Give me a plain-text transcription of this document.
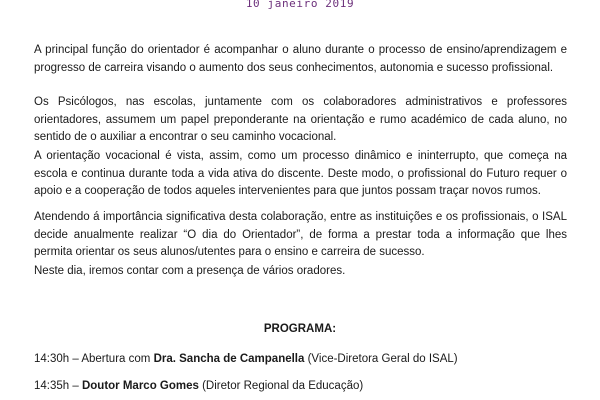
10 janeiro 2019

A principal função do orientador é acompanhar o aluno durante o processo de ensino/aprendizagem e progresso de carreira visando o aumento dos seus conhecimentos, autonomia e sucesso profissional.

Os Psicólogos, nas escolas, juntamente com os colaboradores administrativos e professores orientadores, assumem um papel preponderante na orientação e rumo académico de cada aluno, no sentido de o auxiliar a encontrar o seu caminho vocacional.

A orientação vocacional é vista, assim, como um processo dinâmico e ininterrupto, que começa na escola e continua durante toda a vida ativa do discente. Deste modo, o profissional do Futuro requer o apoio e a cooperação de todos aqueles intervenientes para que juntos possam traçar novos rumos.

Atendendo á importância significativa desta colaboração, entre as instituições e os profissionais, o ISAL decide anualmente realizar “O dia do Orientador”, de forma a prestar toda a informação que lhes permita orientar os seus alunos/utentes para o ensino e carreira de sucesso.

Neste dia, iremos contar com a presença de vários oradores.

PROGRAMA:

14:30h – Abertura com Dra. Sancha de Campanella (Vice-Diretora Geral do ISAL)

14:35h – Doutor Marco Gomes (Diretor Regional da Educação)
